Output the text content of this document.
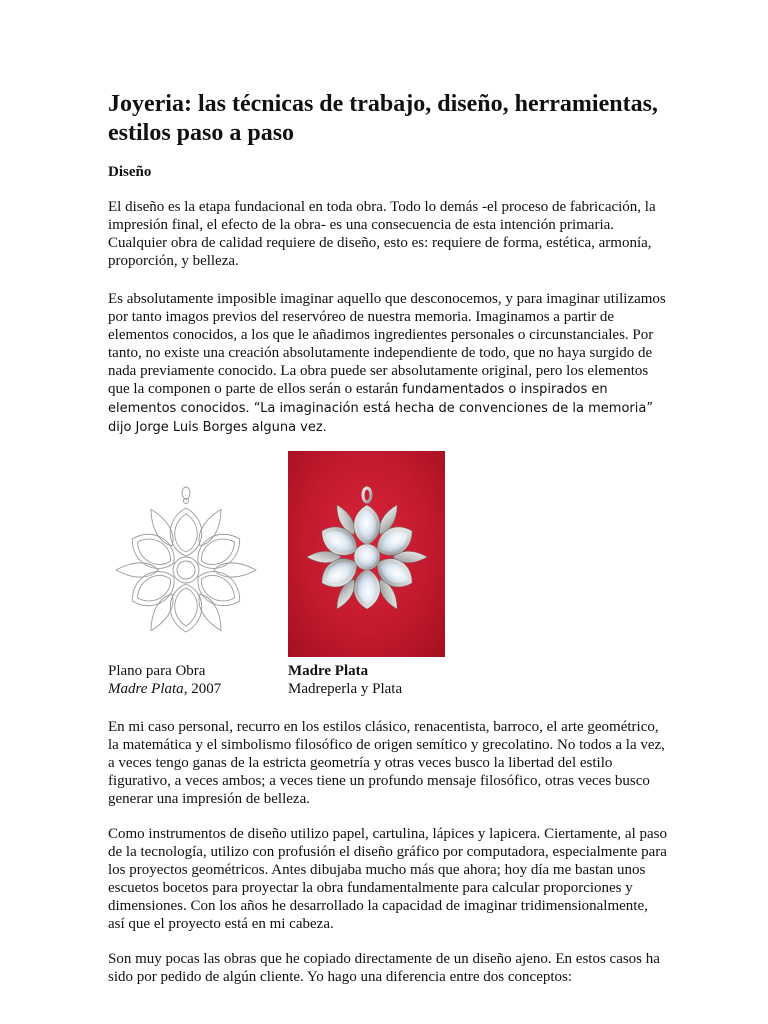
Joyeria: las técnicas de trabajo, diseño, herramientas, estilos paso a paso

Diseño

El diseño es la etapa fundacional en toda obra. Todo lo demás -el proceso de fabricación, la impresión final, el efecto de la obra- es una consecuencia de esta intención primaria. Cualquier obra de calidad requiere de diseño, esto es: requiere de forma, estética, armonía, proporción, y belleza.

Es absolutamente imposible imaginar aquello que desconocemos, y para imaginar utilizamos por tanto imagos previos del reservóreo de nuestra memoria. Imaginamos a partir de elementos conocidos, a los que le añadimos ingredientes personales o circunstanciales. Por tanto, no existe una creación absolutamente independiente de todo, que no haya surgido de nada previamente conocido. La obra puede ser absolutamente original, pero los elementos que la componen o parte de ellos serán o estarán fundamentados o inspirados en elementos conocidos. “La imaginación está hecha de convenciones de la memoria” dijo Jorge Luis Borges alguna vez.

Plano para Obra

Madre Plata, 2007

Madre Plata

Madreperla y Plata

En mi caso personal, recurro en los estilos clásico, renacentista, barroco, el arte geométrico, la matemática y el simbolismo filosófico de origen semítico y grecolatino. No todos a la vez, a veces tengo ganas de la estricta geometría y otras veces busco la libertad del estilo figurativo, a veces ambos; a veces tiene un profundo mensaje filosófico, otras veces busco generar una impresión de belleza.

Como instrumentos de diseño utilizo papel, cartulina, lápices y lapicera. Ciertamente, al paso de la tecnología, utilizo con profusión el diseño gráfico por computadora, especialmente para los proyectos geométricos. Antes dibujaba mucho más que ahora; hoy día me bastan unos escuetos bocetos para proyectar la obra fundamentalmente para calcular proporciones y dimensiones. Con los años he desarrollado la capacidad de imaginar tridimensionalmente, así que el proyecto está en mi cabeza.

Son muy pocas las obras que he copiado directamente de un diseño ajeno. En estos casos ha sido por pedido de algún cliente. Yo hago una diferencia entre dos conceptos:
